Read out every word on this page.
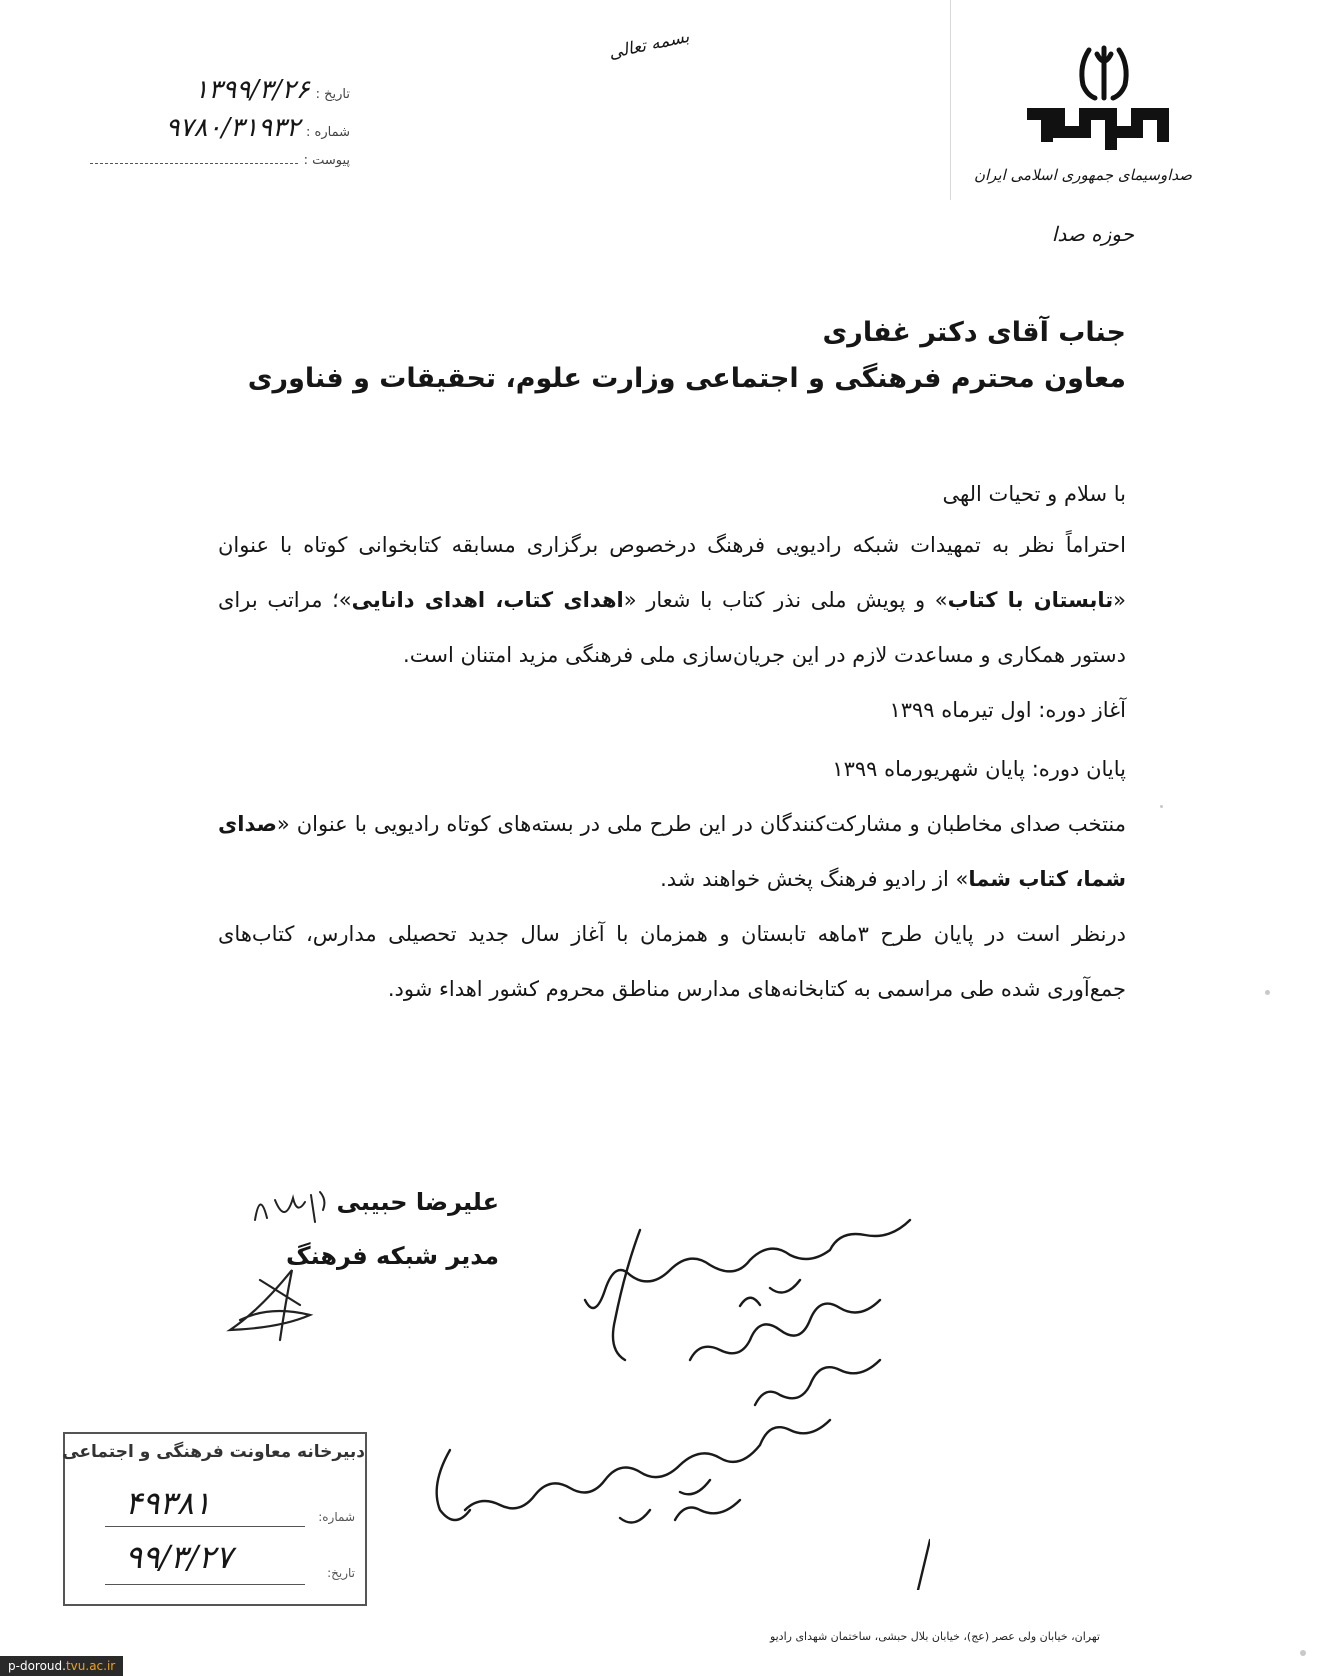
صداوسیمای جمهوری اسلامی ایران
حوزه صدا
بسمه تعالی
تاریخ :
۱۳۹۹/۳/۲۶
شماره :
۹۷۸۰/۳۱۹۳۲
پیوست :
جناب آقای دکتر غفاری
معاون محترم فرهنگی و اجتماعی وزارت علوم، تحقیقات و فناوری
با سلام و تحیات الهی
احتراماً نظر به تمهیدات شبکه رادیویی فرهنگ درخصوص برگزاری مسابقه کتابخوانی کوتاه با عنوان «تابستان با کتاب» و پویش ملی نذر کتاب با شعار «اهدای کتاب، اهدای دانایی»؛ مراتب برای دستور همکاری و مساعدت لازم در این جریان‌سازی ملی فرهنگی مزید امتنان است.
آغاز دوره: اول تیرماه ۱۳۹۹
پایان دوره: پایان شهریورماه ۱۳۹۹
منتخب صدای مخاطبان و مشارکت‌کنندگان در این طرح ملی در بسته‌های کوتاه رادیویی با عنوان «صدای شما، کتاب شما» از رادیو فرهنگ پخش خواهند شد.
درنظر است در پایان طرح ۳ماهه تابستان و همزمان با آغاز سال جدید تحصیلی مدارس، کتاب‌های جمع‌آوری شده طی مراسمی به کتابخانه‌های مدارس مناطق محروم کشور اهداء شود.
علیرضا حبیبی
مدیر شبکه فرهنگ
دبیرخانه معاونت فرهنگی و اجتماعی
شماره:
۴۹۳۸۱
تاریخ:
۹۹/۳/۲۷
تهران، خیابان ولی عصر (عج)، خیابان بلال حبشی، ساختمان شهدای رادیو
p-doroud.tvu.ac.ir
